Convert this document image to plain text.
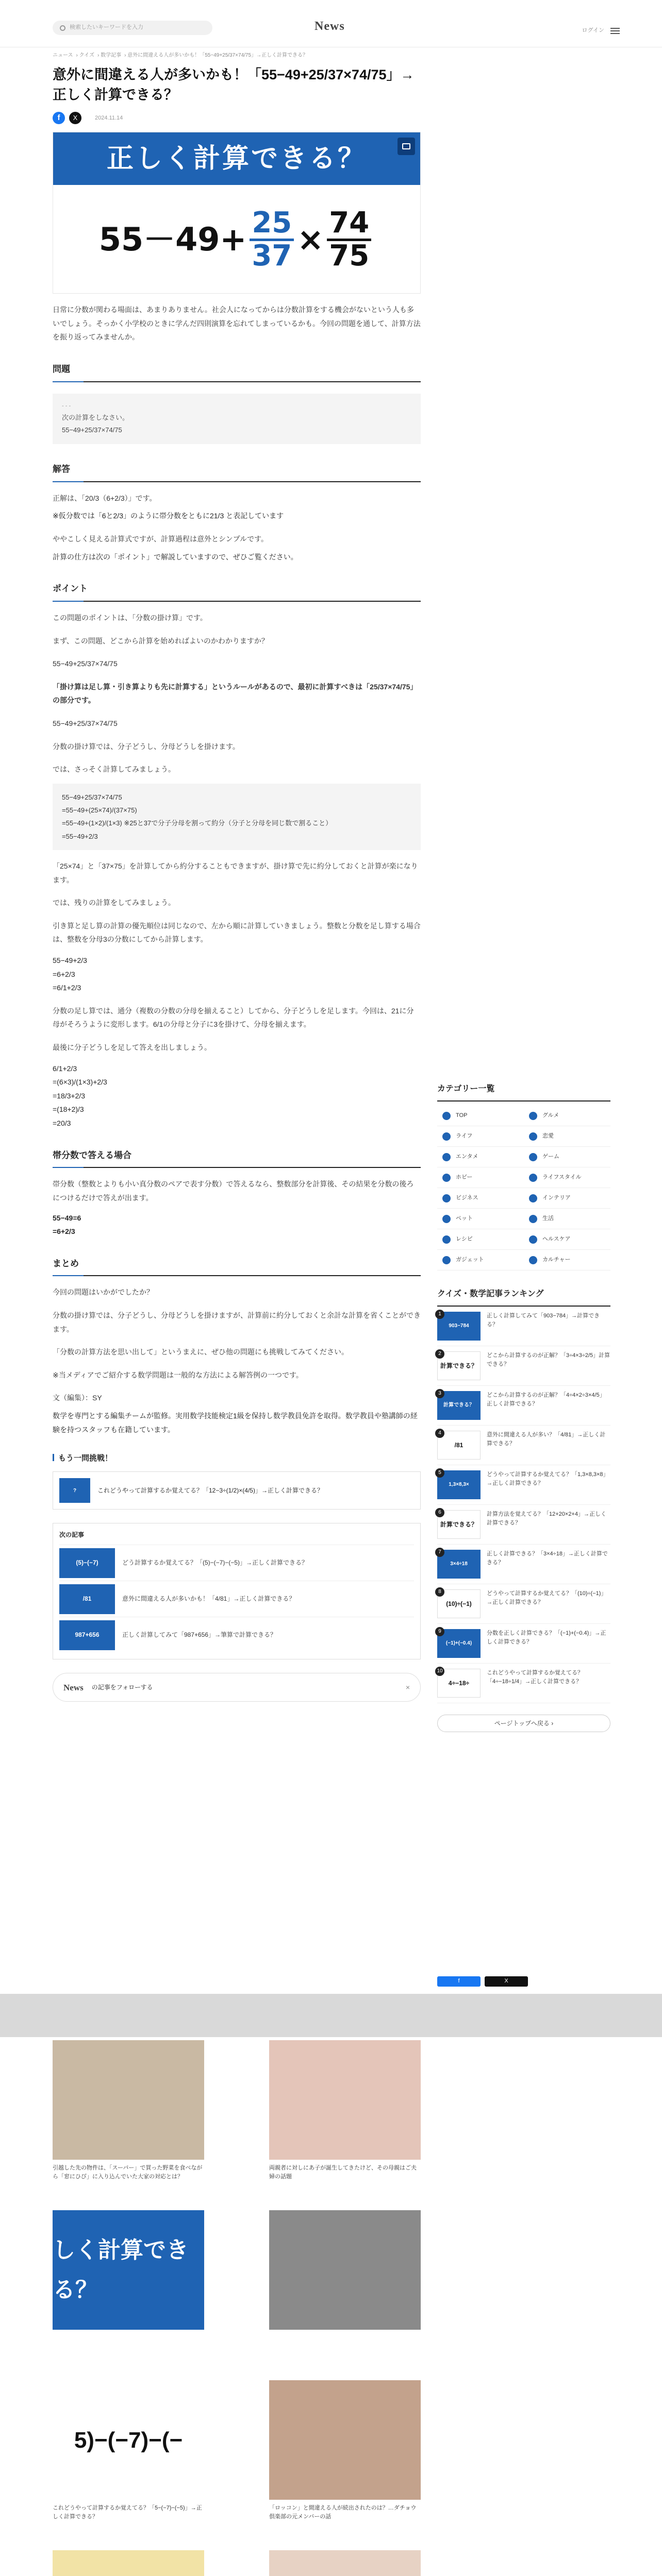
検索したいキーワードを入力	News	ログイン
ニュース › クイズ › 数学記事 › 意外に間違える人が多いかも！「55−49+25/37×74/75」→正しく計算できる？
意外に間違える人が多いかも！「55−49+25/37×74/75」→正しく計算できる？
f	X	2024.11.14
正しく計算できる？
$55-49+ \frac{25}{37} \times \frac{74}{75}$

日常に分数が関わる場面は、あまりありません。社会人になってからは分数計算をする機会がないという人も多いでしょう。そっかく小学校のときに学んだ四則演算を忘れてしまっているかも。今回の問題を通して、計算方法を振り返ってみませんか。

問題
- - -
次の計算をしなさい。
55−49+25/37×74/75
解答

正解は、「20/3（6+2/3）」です。

※仮分数では「6と2/3」のように帯分数をともに21/3 と表記しています

ややこしく見える計算式ですが、計算過程は意外とシンプルです。

計算の仕方は次の「ポイント」で解説していますので、ぜひご覧ください。

ポイント

この問題のポイントは、「分数の掛け算」です。

まず、この問題、どこから計算を始めればよいのかわかりますか？

55−49+25/37×74/75

「掛け算は足し算・引き算よりも先に計算する」というルールがあるので、最初に計算すべきは「25/37×74/75」の部分です。

55−49+25/37×74/75

分数の掛け算では、分子どうし、分母どうしを掛けます。

では、さっそく計算してみましょう。

55−49+25/37×74/75
=55−49+(25×74)/(37×75)
=55−49+(1×2)/(1×3) ※25と37で分子分母を割って約分（分子と分母を同じ数で割ること）
=55−49+2/3

「25×74」と「37×75」を計算してから約分することもできますが、掛け算で先に約分しておくと計算が楽になります。

では、残りの計算をしてみましょう。

引き算と足し算の計算の優先順位は同じなので、左から順に計算していきましょう。整数と分数を足し算する場合は、整数を分母3の分数にしてから計算します。

55−49+2/3
=6+2/3
=6/1+2/3

分数の足し算では、通分（複数の分数の分母を揃えること）してから、分子どうしを足します。今回は、21に分母がそろうように変形します。6/1の分母と分子に3を掛けて、分母を揃えます。

最後に分子どうしを足して答えを出しましょう。

6/1+2/3
=(6×3)/(1×3)+2/3
=18/3+2/3
=(18+2)/3
=20/3
帯分数で答える場合

帯分数（整数とよりも小い真分数のペアで表す分数）で答えるなら、整数部分を計算後、その結果を分数の後ろにつけるだけで答えが出ます。

55−49=6
=6+2/3
まとめ

今回の問題はいかがでしたか？

分数の掛け算では、分子どうし、分母どうしを掛けますが、計算前に約分しておくと余計な計算を省くことができます。

「分数の計算方法を思い出して」というまえに、ぜひ他の問題にも挑戦してみてください。

※当メディアでご紹介する数学問題は一般的な方法による解答例の一つです。

文（編集）：SY

数学を専門とする編集チームが監修。実用数学技能検定1級を保持し数学教員免許を取得。数学教員や塾講師の経験を持つスタッフも在籍しています。

もう一問挑戦！
?	これどうやって計算するか覚えてる？「12−3÷(1/2)×(4/5)」→正しく計算できる？
次の記事
(5)−(−7)	どう計算するか覚えてる？「(5)−(−7)−(−5)」→正しく計算できる？
/81	意外に間違える人が多いかも！「4/81」→正しく計算できる？
987+656	正しく計算してみて「987+656」→筆算で計算できる？
News の記事をフォローする	×
カテゴリー一覧
TOP	グルメ
ライフ	恋愛
エンタメ	ゲーム
ホビー	ライフスタイル
ビジネス	インテリア
ペット	生活
レシピ	ヘルスケア
ガジェット	カルチャー
クイズ・数学記事ランキング
1
903−784
正しく計算してみて「903−784」→計算できる？
2
計算できる？
どこから計算するのが正解？「3÷4×3÷2/5」計算できる？
3
計算できる？
どこから計算するのが正解？「4÷4×2÷3×4/5」正しく計算できる？
4
/81
意外に間違える人が多い？「4/81」→正しく計算できる？
5
1,3×8,3×
どうやって計算するか覚えてる？「1,3×8,3×8」→正しく計算できる？
6
計算できる？
計算方法を覚えてる？「12+20×2+4」→正しく計算できる？
7
3×4÷18
正しく計算できる？「3×4÷18」→正しく計算できる？
8
(10)÷(−1)
どうやって計算するか覚えてる？「(10)÷(−1)」→正しく計算できる？
9
(−1)+(−0.4)
分数を正しく計算できる？「(−1)+(−0.4)」→正しく計算できる？
10
4÷−18÷
これどうやって計算するか覚えてる？「4÷−18÷1/4」→正しく計算できる？
ページトップへ戻る ›
f	X
引越した先の物件は、「スーパー」で買った野菜を食べながら「窓にひび」に入り込んでいた大家の対応とは？
両親者に対しにあ子が誕生してきたけど、その母親はご夫婦の話題
しく計算できる？
5)−(−7)−(−
これどうやって計算するか覚えてる？「5−(−7)−(−5)」→正しく計算できる？
「ロッコン」と間違える人が続出されたのは？…ダチョウ倶楽部の元メンバーの話
